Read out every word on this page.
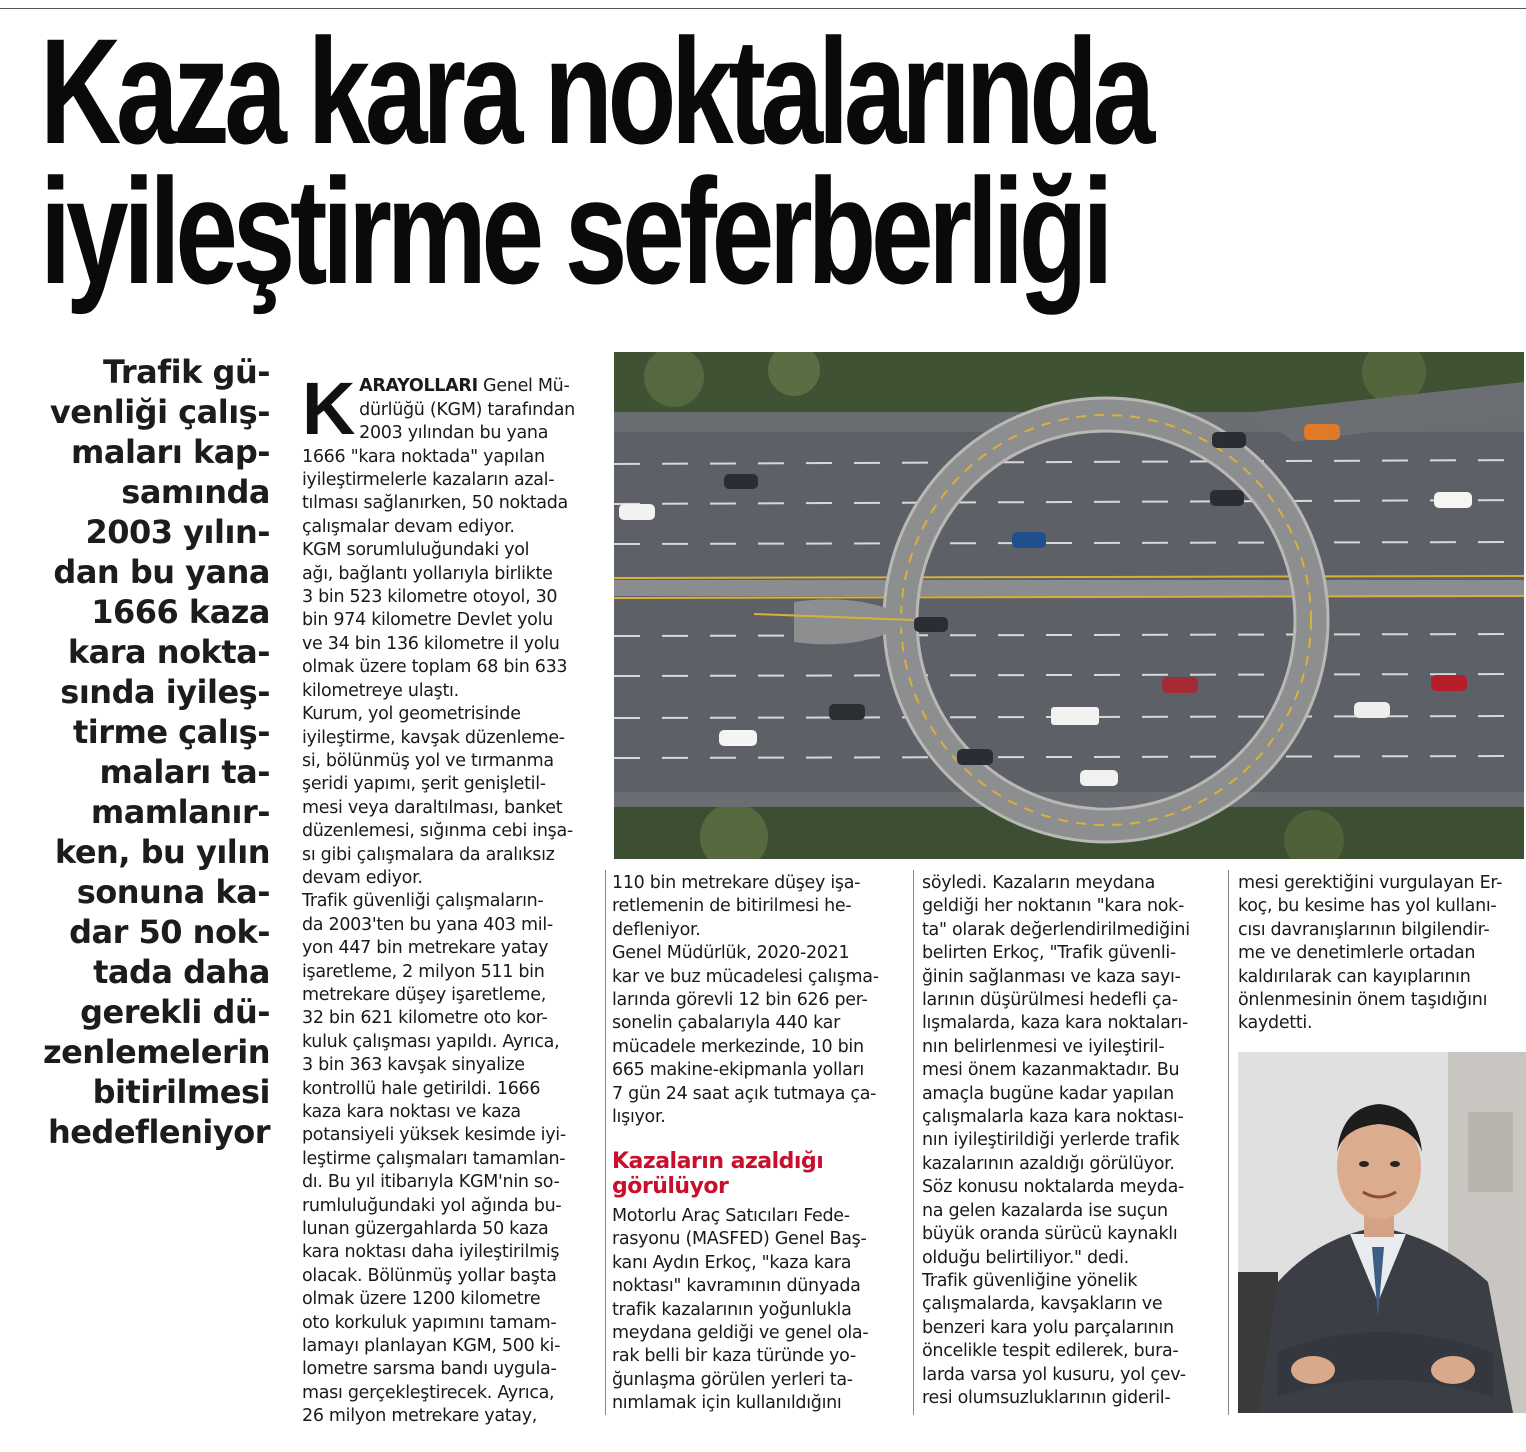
Kaza kara noktalarında
iyileştirme seferberliği
Trafik gü-
venliği çalış-
maları kap-
samında
2003 yılın-
dan bu yana
1666 kaza
kara nokta-
sında iyileş-
tirme çalış-
maları ta-
mamlanır-
ken, bu yılın
sonuna ka-
dar 50 nok-
tada daha
gerekli dü-
zenlemelerin
bitirilmesi
hedefleniyor

KARAYOLLARI Genel Mü-
dürlüğü (KGM) tarafından
2003 yılından bu yana
1666 "kara noktada" yapılan
iyileştirmelerle kazaların azal-
tılması sağlanırken, 50 noktada
çalışmalar devam ediyor.

KGM sorumluluğundaki yol
ağı, bağlantı yollarıyla birlikte
3 bin 523 kilometre otoyol, 30
bin 974 kilometre Devlet yolu
ve 34 bin 136 kilometre il yolu
olmak üzere toplam 68 bin 633
kilometreye ulaştı.
Kurum, yol geometrisinde
iyileştirme, kavşak düzenleme-
si, bölünmüş yol ve tırmanma
şeridi yapımı, şerit genişletil-
mesi veya daraltılması, banket
düzenlemesi, sığınma cebi inşa-
sı gibi çalışmalara da aralıksız
devam ediyor.
Trafik güvenliği çalışmaların-
da 2003'ten bu yana 403 mil-
yon 447 bin metrekare yatay
işaretleme, 2 milyon 511 bin
metrekare düşey işaretleme,
32 bin 621 kilometre oto kor-
kuluk çalışması yapıldı. Ayrıca,
3 bin 363 kavşak sinyalize
kontrollü hale getirildi. 1666
kaza kara noktası ve kaza
potansiyeli yüksek kesimde iyi-
leştirme çalışmaları tamamlan-
dı. Bu yıl itibarıyla KGM'nin so-
rumluluğundaki yol ağında bu-
lunan güzergahlarda 50 kaza
kara noktası daha iyileştirilmiş
olacak. Bölünmüş yollar başta
olmak üzere 1200 kilometre
oto korkuluk yapımını tamam-
lamayı planlayan KGM, 500 ki-
lometre sarsma bandı uygula-
ması gerçekleştirecek. Ayrıca,
26 milyon metrekare yatay,

110 bin metrekare düşey işa-
retlemenin de bitirilmesi he-
defleniyor.
Genel Müdürlük, 2020-2021
kar ve buz mücadelesi çalışma-
larında görevli 12 bin 626 per-
sonelin çabalarıyla 440 kar
mücadele merkezinde, 10 bin
665 makine-ekipmanla yolları
7 gün 24 saat açık tutmaya ça-
lışıyor.
Kazaların azaldığı
görülüyor
Motorlu Araç Satıcıları Fede-
rasyonu (MASFED) Genel Baş-
kanı Aydın Erkoç, "kaza kara
noktası" kavramının dünyada
trafik kazalarının yoğunlukla
meydana geldiği ve genel ola-
rak belli bir kaza türünde yo-
ğunlaşma görülen yerleri ta-
nımlamak için kullanıldığını
söyledi. Kazaların meydana
geldiği her noktanın "kara nok-
ta" olarak değerlendirilmediğini
belirten Erkoç, "Trafik güvenli-
ğinin sağlanması ve kaza sayı-
larının düşürülmesi hedefli ça-
lışmalarda, kaza kara noktaları-
nın belirlenmesi ve iyileştiril-
mesi önem kazanmaktadır. Bu
amaçla bugüne kadar yapılan
çalışmalarla kaza kara noktası-
nın iyileştirildiği yerlerde trafik
kazalarının azaldığı görülüyor.
Söz konusu noktalarda meyda-
na gelen kazalarda ise suçun
büyük oranda sürücü kaynaklı
olduğu belirtiliyor." dedi.
Trafik güvenliğine yönelik
çalışmalarda, kavşakların ve
benzeri kara yolu parçalarının
öncelikle tespit edilerek, bura-
larda varsa yol kusuru, yol çev-
resi olumsuzluklarının gideril-
mesi gerektiğini vurgulayan Er-
koç, bu kesime has yol kullanı-
cısı davranışlarının bilgilendir-
me ve denetimlerle ortadan
kaldırılarak can kayıplarının
önlenmesinin önem taşıdığını
kaydetti.
